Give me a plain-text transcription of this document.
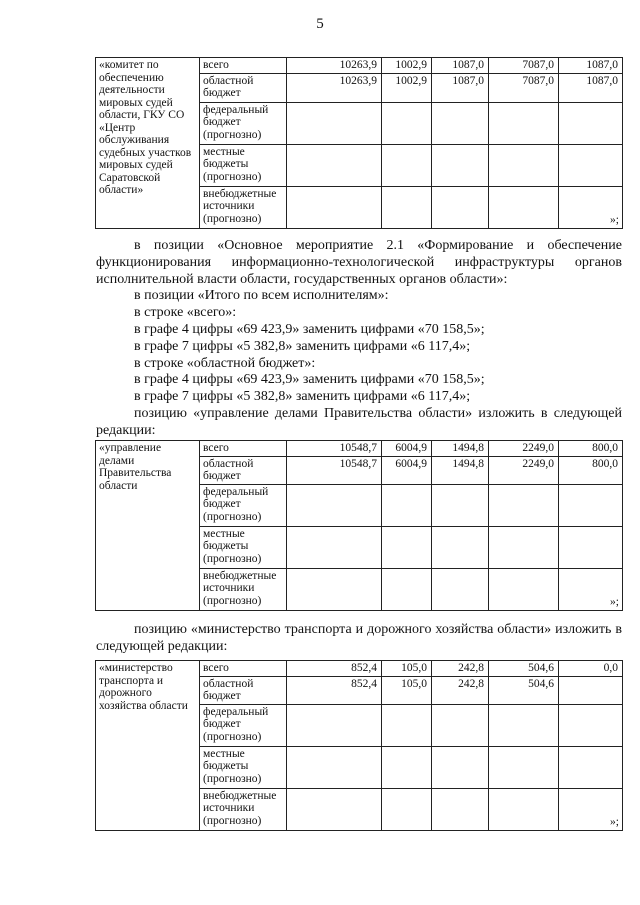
5
«комитет по обеспечению деятельности мировых судей области, ГКУ СО «Центр обслуживания судебных участков мировых судей Саратовской области»	всего	10263,9	1002,9	1087,0	7087,0	1087,0
	областной бюджет	10263,9	1002,9	1087,0	7087,0	1087,0
	федеральный бюджет (прогнозно)					
	местные бюджеты (прогнозно)					
	внебюджетные источники (прогнозно)					»;

в позиции «Основное мероприятие 2.1 «Формирование и обеспечение функционирования информационно-технологической инфраструктуры органов исполнительной власти области, государственных органов области»:

в позиции «Итого по всем исполнителям»:

в строке «всего»:

в графе 4 цифры «69 423,9» заменить цифрами «70 158,5»;

в графе 7 цифры «5 382,8» заменить цифрами «6 117,4»;

в строке «областной бюджет»:

в графе 4 цифры «69 423,9» заменить цифрами «70 158,5»;

в графе 7 цифры «5 382,8» заменить цифрами «6 117,4»;

позицию «управление делами Правительства области» изложить в следующей редакции:

«управление делами Правительства области	всего	10548,7	6004,9	1494,8	2249,0	800,0
	областной бюджет	10548,7	6004,9	1494,8	2249,0	800,0
	федеральный бюджет (прогнозно)					
	местные бюджеты (прогнозно)					
	внебюджетные источники (прогнозно)					»;

позицию «министерство транспорта и дорожного хозяйства области» изложить в следующей редакции:

«министерство транспорта и дорожного хозяйства области	всего	852,4	105,0	242,8	504,6	0,0
	областной бюджет	852,4	105,0	242,8	504,6	
	федеральный бюджет (прогнозно)					
	местные бюджеты (прогнозно)					
	внебюджетные источники (прогнозно)					»;
